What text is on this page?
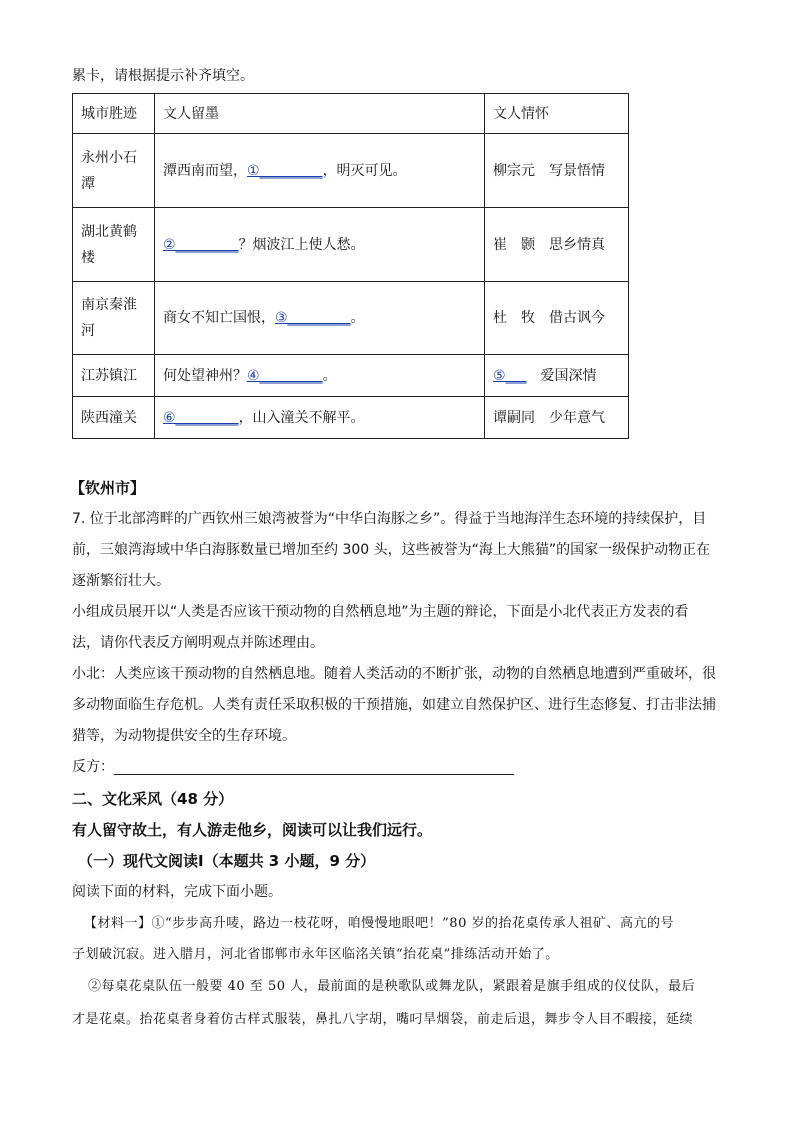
累卡，请根据提示补齐填空。
城市胜迹	文人留墨	文人情怀
永州小石潭	潭西南而望，①_________，明灭可见。	柳宗元　写景悟情
湖北黄鹤楼	②_________？烟波江上使人愁。	崔　颢　思乡情真
南京秦淮河	商女不知亡国恨，③_________。	杜　牧　借古讽今
江苏镇江	何处望神州？④_________。	⑤___　爱国深情
陕西潼关	⑥_________，山入潼关不解平。	谭嗣同　少年意气
【钦州市】
7. 位于北部湾畔的广西钦州三娘湾被誉为“中华白海豚之乡”。得益于当地海洋生态环境的持续保护，目
前，三娘湾海域中华白海豚数量已增加至约 300 头，这些被誉为“海上大熊猫”的国家一级保护动物正在
逐渐繁衍壮大。
小组成员展开以“人类是否应该干预动物的自然栖息地”为主题的辩论，下面是小北代表正方发表的看
法，请你代表反方阐明观点并陈述理由。
小北：人类应该干预动物的自然栖息地。随着人类活动的不断扩张，动物的自然栖息地遭到严重破坏，很
多动物面临生存危机。人类有责任采取积极的干预措施，如建立自然保护区、进行生态修复、打击非法捕
猎等，为动物提供安全的生存环境。
反方：
二、文化采风（48 分）
有人留守故土，有人游走他乡，阅读可以让我们远行。
（一）现代文阅读Ⅰ（本题共 3 小题，9 分）
阅读下面的材料，完成下面小题。
【材料一】①“步步高升唛，路边一枝花呀，咱慢慢地眼吧！”80 岁的抬花桌传承人祖矿、高亢的号
子划破沉寂。进入腊月，河北省邯郸市永年区临洺关镇“抬花桌”排练活动开始了。
②每桌花桌队伍一般要 40 至 50 人，最前面的是秧歌队或舞龙队，紧跟着是旗手组成的仪仗队，最后
才是花桌。抬花桌者身着仿古样式服装，鼻扎八字胡，嘴叼旱烟袋，前走后退，舞步令人目不暇接，延续
